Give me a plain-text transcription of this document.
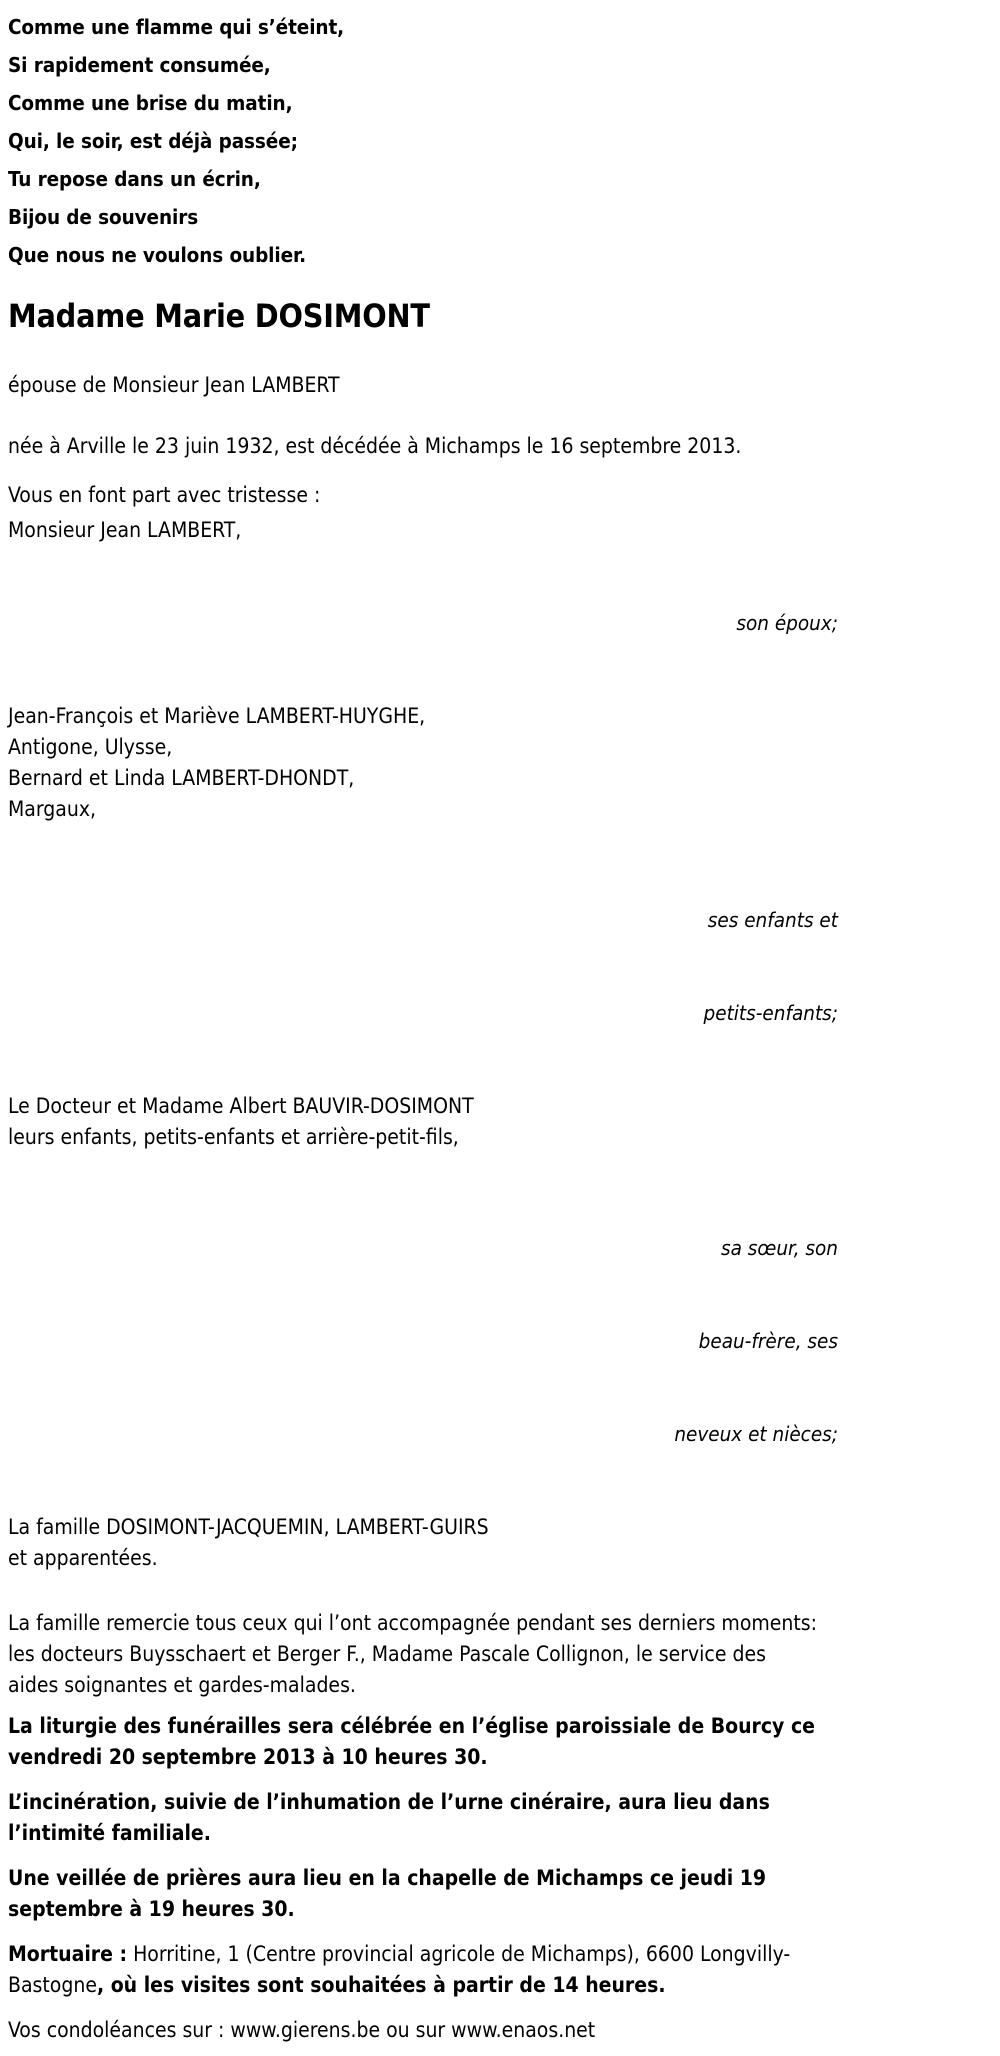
Comme une flamme qui s’éteint,
Si rapidement consumée,
Comme une brise du matin,
Qui, le soir, est déjà passée;
Tu repose dans un écrin,
Bijou de souvenirs
Que nous ne voulons oublier.
Madame Marie DOSIMONT

épouse de Monsieur Jean LAMBERT

née à Arville le 23 juin 1932, est décédée à Michamps le 16 septembre 2013.

Vous en font part avec tristesse :

Monsieur Jean LAMBERT,

son époux;

Jean-François et Mariève LAMBERT-HUYGHE,
Antigone, Ulysse,
Bernard et Linda LAMBERT-DHONDT,
Margaux,

ses enfants et

petits-enfants;

Le Docteur et Madame Albert BAUVIR-DOSIMONT
leurs enfants, petits-enfants et arrière-petit-fils,

sa sœur, son

beau-frère, ses

neveux et nièces;

La famille DOSIMONT-JACQUEMIN, LAMBERT-GUIRS
et apparentées.

La famille remercie tous ceux qui l’ont accompagnée pendant ses derniers moments: les docteurs Buysschaert et Berger F., Madame Pascale Collignon, le service des aides soignantes et gardes-malades.

La liturgie des funérailles sera célébrée en l’église paroissiale de Bourcy ce vendredi 20 septembre 2013 à 10 heures 30.

L’incinération, suivie de l’inhumation de l’urne cinéraire, aura lieu dans l’intimité familiale.

Une veillée de prières aura lieu en la chapelle de Michamps ce jeudi 19 septembre à 19 heures 30.

Mortuaire : Horritine, 1 (Centre provincial agricole de Michamps), 6600 Longvilly-Bastogne, où les visites sont souhaitées à partir de 14 heures.

Vos condoléances sur : www.gierens.be ou sur www.enaos.net
